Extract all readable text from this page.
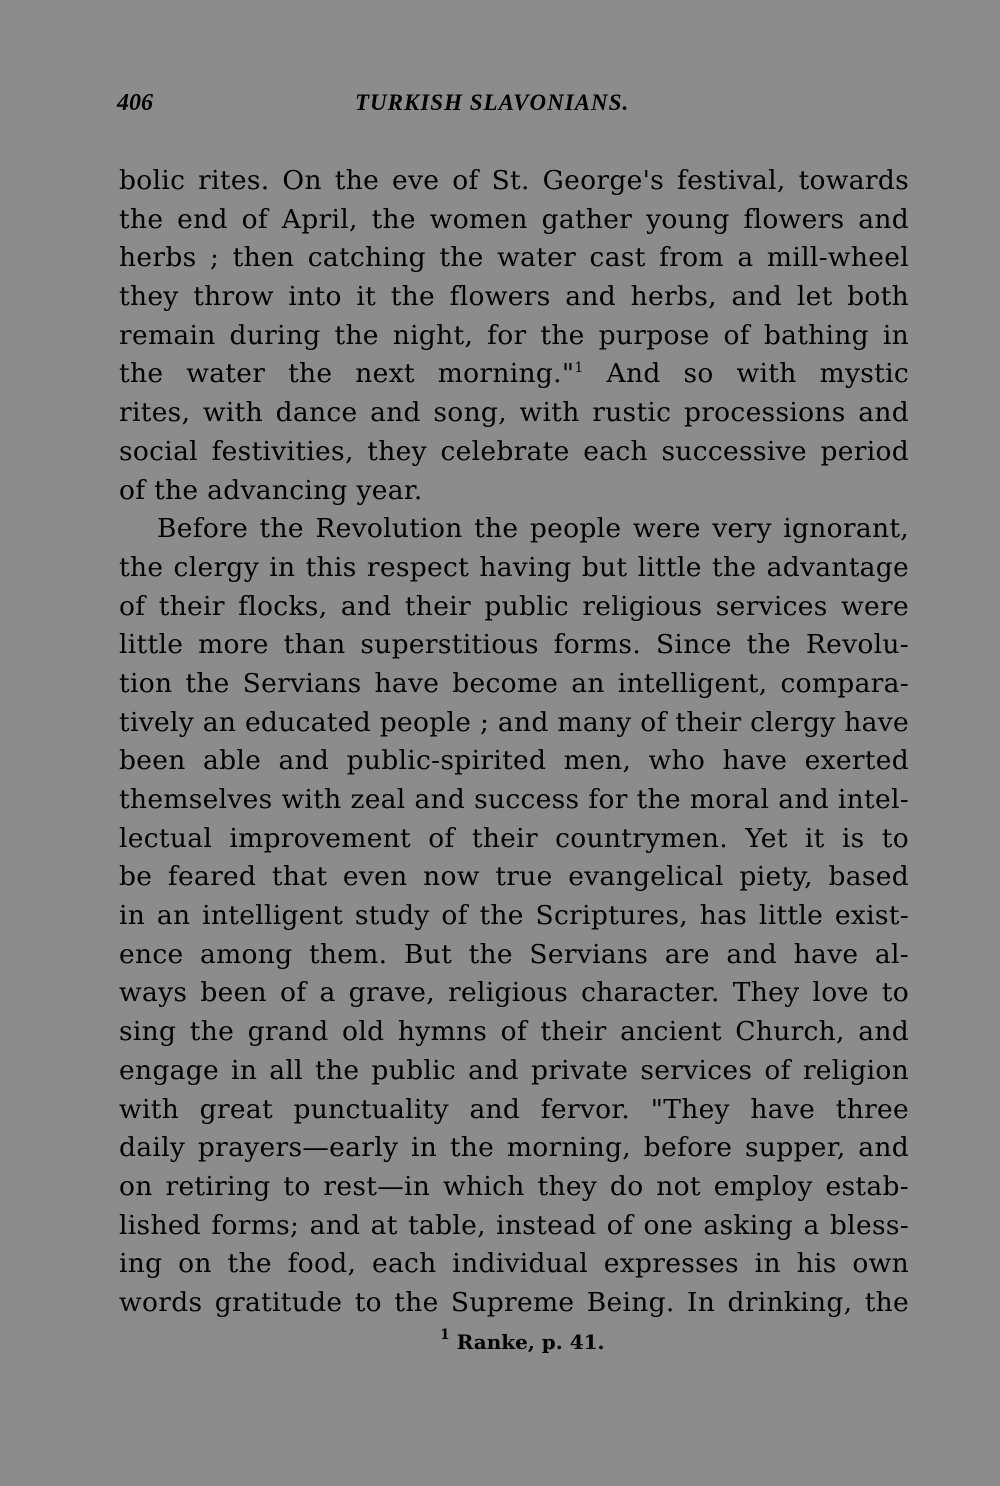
406	TURKISH SLAVONIANS.
bolic rites. On the eve of St. George's festival, towards
the end of April, the women gather young flowers and
herbs ; then catching the water cast from a mill-wheel
they throw into it the flowers and herbs, and let both
remain during the night, for the purpose of bathing in
the water the next morning."$^1$ And so with mystic
rites, with dance and song, with rustic processions and
social festivities, they celebrate each successive period
of the advancing year.
Before the Revolution the people were very ignorant,
the clergy in this respect having but little the advantage
of their flocks, and their public religious services were
little more than superstitious forms. Since the Revolu-
tion the Servians have become an intelligent, compara-
tively an educated people ; and many of their clergy have
been able and public-spirited men, who have exerted
themselves with zeal and success for the moral and intel-
lectual improvement of their countrymen. Yet it is to
be feared that even now true evangelical piety, based
in an intelligent study of the Scriptures, has little exist-
ence among them. But the Servians are and have al-
ways been of a grave, religious character. They love to
sing the grand old hymns of their ancient Church, and
engage in all the public and private services of religion
with great punctuality and fervor. "They have three
daily prayers—early in the morning, before supper, and
on retiring to rest—in which they do not employ estab-
lished forms; and at table, instead of one asking a bless-
ing on the food, each individual expresses in his own
words gratitude to the Supreme Being. In drinking, the
$^1$ Ranke, p. 41.
